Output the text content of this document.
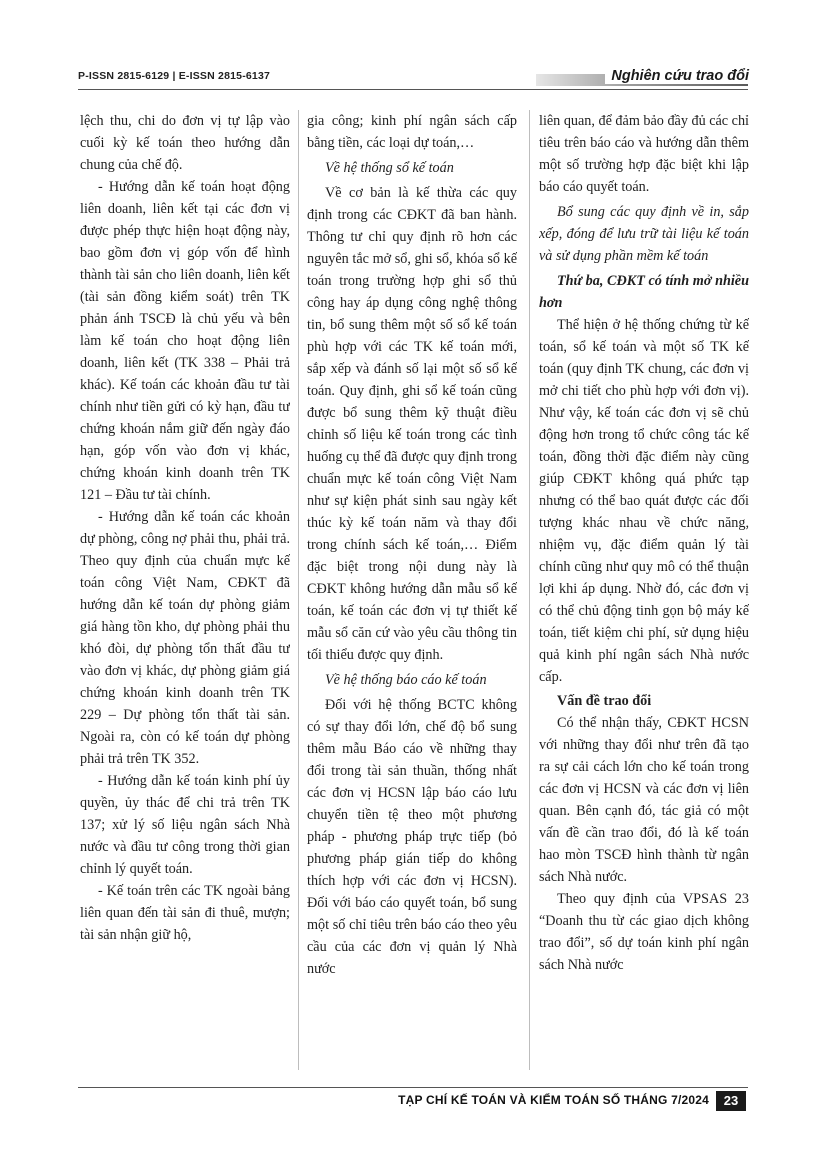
P-ISSN 2815-6129 | E-ISSN 2815-6137	Nghiên cứu trao đổi

lệch thu, chi do đơn vị tự lập vào cuối kỳ kế toán theo hướng dẫn chung của chế độ.

- Hướng dẫn kế toán hoạt động liên doanh, liên kết tại các đơn vị được phép thực hiện hoạt động này, bao gồm đơn vị góp vốn để hình thành tài sản cho liên doanh, liên kết (tài sản đồng kiểm soát) trên TK phản ánh TSCĐ là chủ yếu và bên làm kế toán cho hoạt động liên doanh, liên kết (TK 338 – Phải trả khác). Kế toán các khoản đầu tư tài chính như tiền gửi có kỳ hạn, đầu tư chứng khoán nắm giữ đến ngày đáo hạn, góp vốn vào đơn vị khác, chứng khoán kinh doanh trên TK 121 – Đầu tư tài chính.

- Hướng dẫn kế toán các khoản dự phòng, công nợ phải thu, phải trả. Theo quy định của chuẩn mực kế toán công Việt Nam, CĐKT đã hướng dẫn kế toán dự phòng giảm giá hàng tồn kho, dự phòng phải thu khó đòi, dự phòng tổn thất đầu tư vào đơn vị khác, dự phòng giảm giá chứng khoán kinh doanh trên TK 229 – Dự phòng tổn thất tài sản. Ngoài ra, còn có kế toán dự phòng phải trả trên TK 352.

- Hướng dẫn kế toán kinh phí ủy quyền, ủy thác để chi trả trên TK 137; xử lý số liệu ngân sách Nhà nước và đầu tư công trong thời gian chỉnh lý quyết toán.

- Kế toán trên các TK ngoài bảng liên quan đến tài sản đi thuê, mượn; tài sản nhận giữ hộ,

gia công; kinh phí ngân sách cấp bằng tiền, các loại dự toán,…

Về hệ thống sổ kế toán

Về cơ bản là kế thừa các quy định trong các CĐKT đã ban hành. Thông tư chỉ quy định rõ hơn các nguyên tắc mở sổ, ghi sổ, khóa sổ kế toán trong trường hợp ghi sổ thủ công hay áp dụng công nghệ thông tin, bổ sung thêm một số sổ kế toán phù hợp với các TK kế toán mới, sắp xếp và đánh số lại một số sổ kế toán. Quy định, ghi sổ kế toán cũng được bổ sung thêm kỹ thuật điều chỉnh số liệu kế toán trong các tình huống cụ thể đã được quy định trong chuẩn mực kế toán công Việt Nam như sự kiện phát sinh sau ngày kết thúc kỳ kế toán năm và thay đổi trong chính sách kế toán,… Điểm đặc biệt trong nội dung này là CĐKT không hướng dẫn mẫu sổ kế toán, kế toán các đơn vị tự thiết kế mẫu sổ căn cứ vào yêu cầu thông tin tối thiểu được quy định.

Về hệ thống báo cáo kế toán

Đối với hệ thống BCTC không có sự thay đổi lớn, chế độ bổ sung thêm mẫu Báo cáo về những thay đổi trong tài sản thuần, thống nhất các đơn vị HCSN lập báo cáo lưu chuyển tiền tệ theo một phương pháp - phương pháp trực tiếp (bỏ phương pháp gián tiếp do không thích hợp với các đơn vị HCSN). Đối với báo cáo quyết toán, bổ sung một số chỉ tiêu trên báo cáo theo yêu cầu của các đơn vị quản lý Nhà nước

liên quan, để đảm bảo đầy đủ các chỉ tiêu trên báo cáo và hướng dẫn thêm một số trường hợp đặc biệt khi lập báo cáo quyết toán.

Bổ sung các quy định về in, sắp xếp, đóng để lưu trữ tài liệu kế toán và sử dụng phần mềm kế toán

Thứ ba, CĐKT có tính mở nhiều hơn

Thể hiện ở hệ thống chứng từ kế toán, sổ kế toán và một số TK kế toán (quy định TK chung, các đơn vị mở chi tiết cho phù hợp với đơn vị). Như vậy, kế toán các đơn vị sẽ chủ động hơn trong tổ chức công tác kế toán, đồng thời đặc điểm này cũng giúp CĐKT không quá phức tạp nhưng có thể bao quát được các đối tượng khác nhau về chức năng, nhiệm vụ, đặc điểm quản lý tài chính cũng như quy mô có thể thuận lợi khi áp dụng. Nhờ đó, các đơn vị có thể chủ động tinh gọn bộ máy kế toán, tiết kiệm chi phí, sử dụng hiệu quả kinh phí ngân sách Nhà nước cấp.

Vấn đề trao đổi

Có thể nhận thấy, CĐKT HCSN với những thay đổi như trên đã tạo ra sự cải cách lớn cho kế toán trong các đơn vị HCSN và các đơn vị liên quan. Bên cạnh đó, tác giả có một vấn đề cần trao đổi, đó là kế toán hao mòn TSCĐ hình thành từ ngân sách Nhà nước.

Theo quy định của VPSAS 23 “Doanh thu từ các giao dịch không trao đổi”, số dự toán kinh phí ngân sách Nhà nước

TẠP CHÍ KẾ TOÁN VÀ KIỂM TOÁN SỐ THÁNG 7/2024	23
